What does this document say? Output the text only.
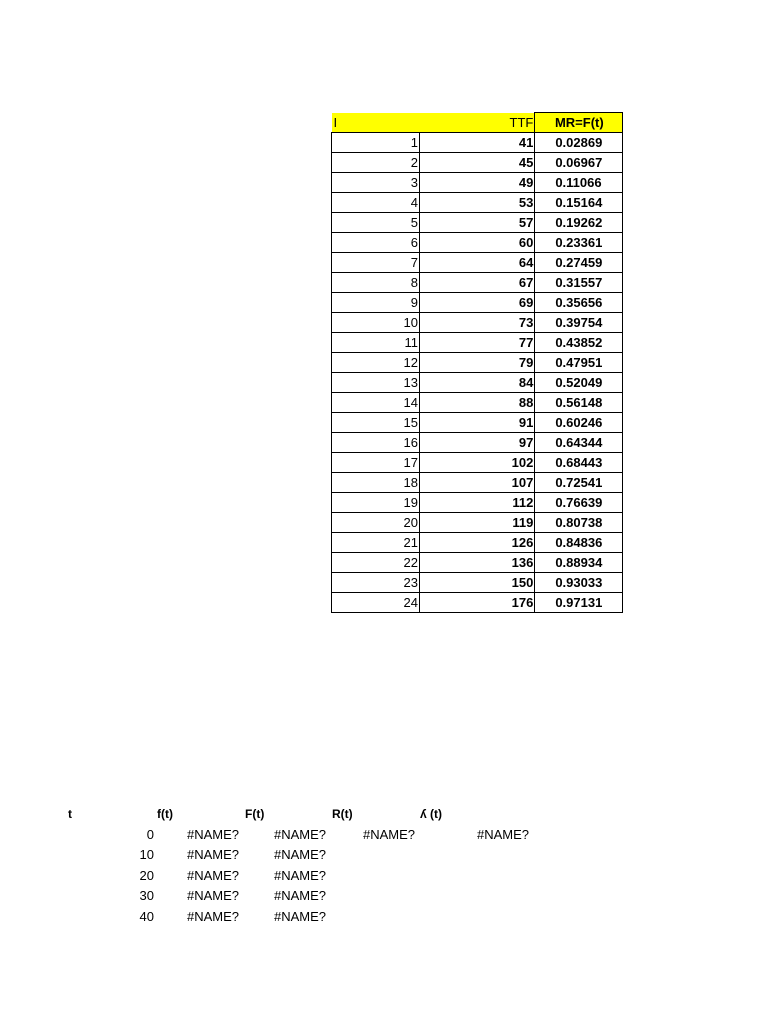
I	TTF	MR=F(t)
1	41	0.02869
2	45	0.06967
3	49	0.11066
4	53	0.15164
5	57	0.19262
6	60	0.23361
7	64	0.27459
8	67	0.31557
9	69	0.35656
10	73	0.39754
11	77	0.43852
12	79	0.47951
13	84	0.52049
14	88	0.56148
15	91	0.60246
16	97	0.64344
17	102	0.68443
18	107	0.72541
19	112	0.76639
20	119	0.80738
21	126	0.84836
22	136	0.88934
23	150	0.93033
24	176	0.97131
t	f(t)	F(t)	R(t)	ʎ (t)
0	#NAME?	#NAME?	#NAME?	#NAME?
10	#NAME?	#NAME?
20	#NAME?	#NAME?
30	#NAME?	#NAME?
40	#NAME?	#NAME?
